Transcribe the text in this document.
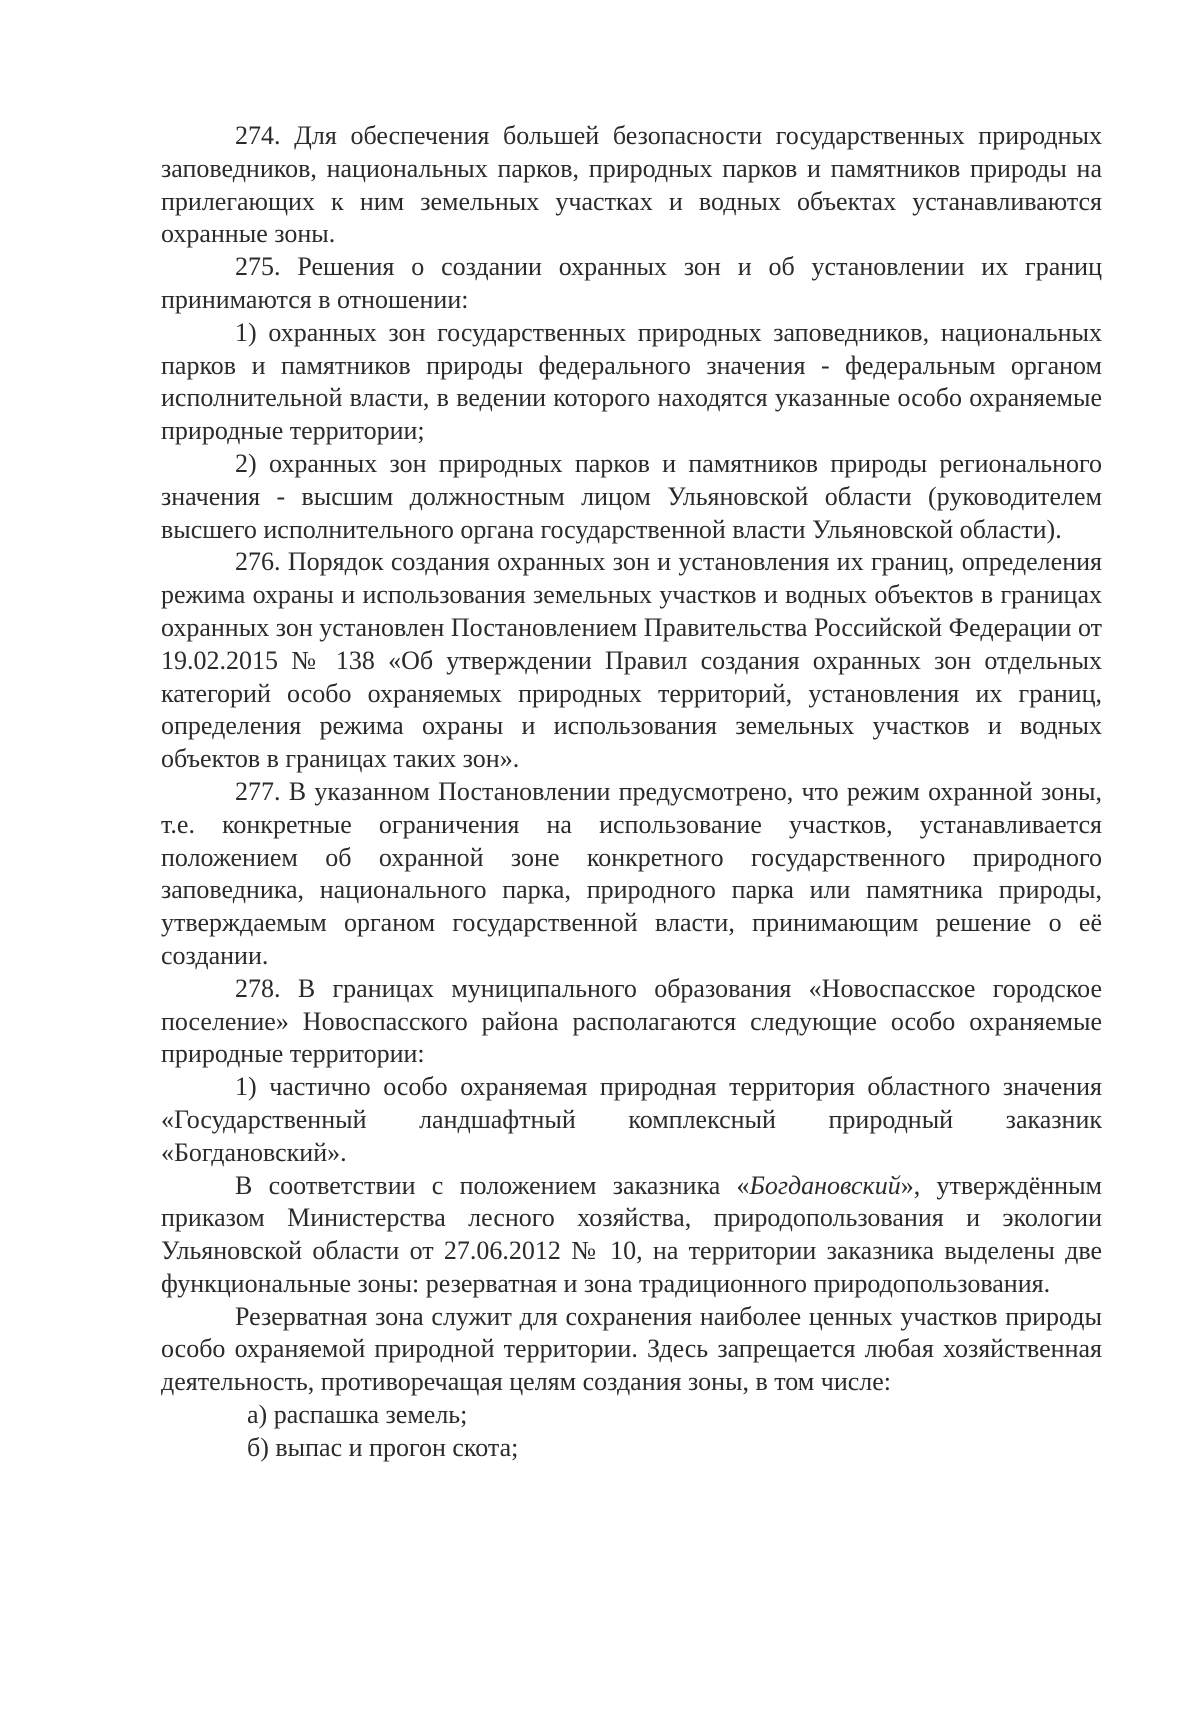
274. Для обеспечения большей безопасности государственных природных заповедников, национальных парков, природных парков и памятников природы на прилегающих к ним земельных участках и водных объектах устанавливаются охранные зоны.

275. Решения о создании охранных зон и об установлении их границ принимаются в отношении:

1) охранных зон государственных природных заповедников, национальных парков и памятников природы федерального значения - федеральным органом исполнительной власти, в ведении которого находятся указанные особо охраняемые природные территории;

2) охранных зон природных парков и памятников природы регионального значения - высшим должностным лицом Ульяновской области (руководителем высшего исполнительного органа государственной власти Ульяновской области).

276. Порядок создания охранных зон и установления их границ, определения режима охраны и использования земельных участков и водных объектов в границах охранных зон установлен Постановлением Правительства Российской Федерации от 19.02.2015 № 138 «Об утверждении Правил создания охранных зон отдельных категорий особо охраняемых природных территорий, установления их границ, определения режима охраны и использования земельных участков и водных объектов в границах таких зон».

277. В указанном Постановлении предусмотрено, что режим охранной зоны, т.е. конкретные ограничения на использование участков, устанавливается положением об охранной зоне конкретного государственного природного заповедника, национального парка, природного парка или памятника природы, утверждаемым органом государственной власти, принимающим решение о её создании.

278. В границах муниципального образования «Новоспасское городское поселение» Новоспасского района располагаются следующие особо охраняемые природные территории:

1) частично особо охраняемая природная территория областного значения «Государственный ландшафтный комплексный природный заказник «Богдановский».

В соответствии с положением заказника «Богдановский», утверждённым приказом Министерства лесного хозяйства, природопользования и экологии Ульяновской области от 27.06.2012 № 10, на территории заказника выделены две функциональные зоны: резерватная и зона традиционного природопользования.

Резерватная зона служит для сохранения наиболее ценных участков природы особо охраняемой природной территории. Здесь запрещается любая хозяйственная деятельность, противоречащая целям создания зоны, в том числе:

а) распашка земель;

б) выпас и прогон скота;
